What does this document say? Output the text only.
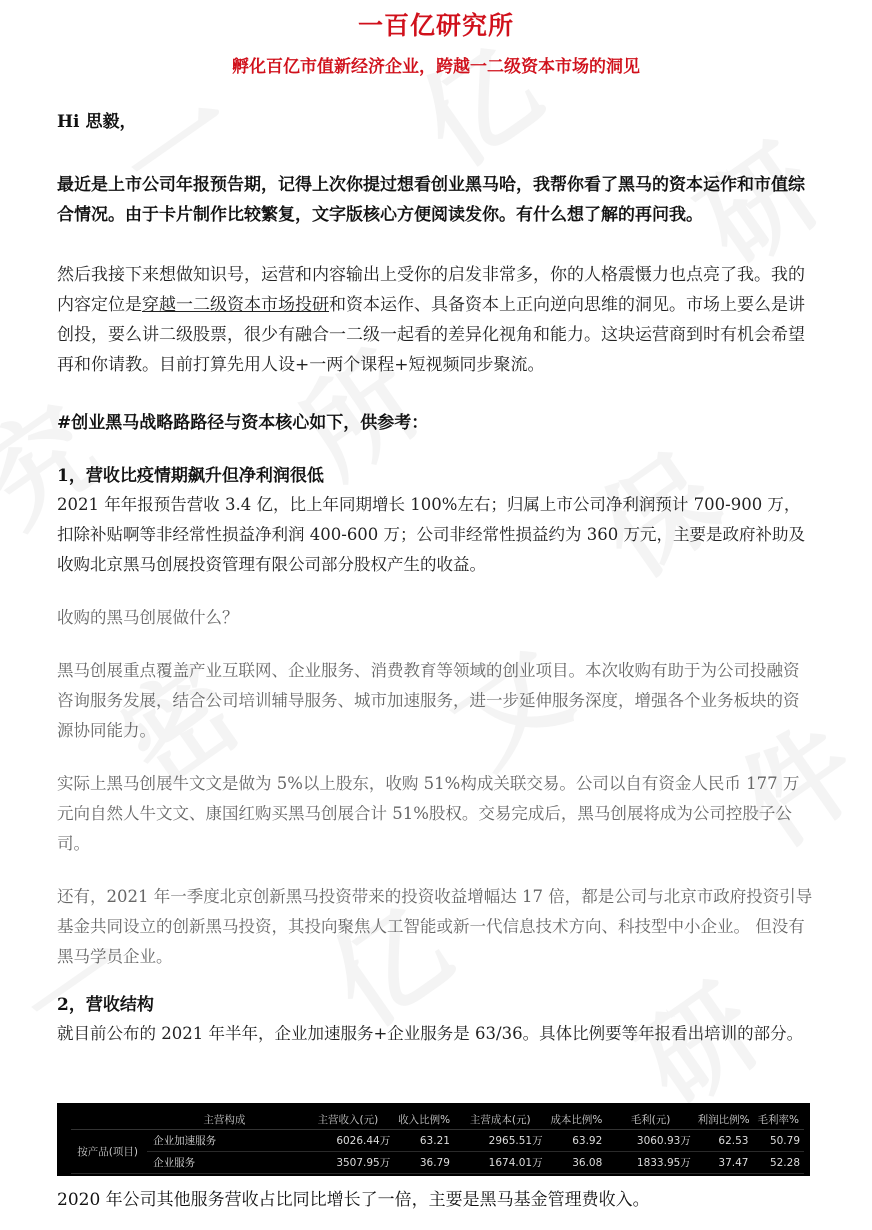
一百亿研究所
孵化百亿市值新经济企业，跨越一二级资本市场的洞见

Hi 思毅，

最近是上市公司年报预告期，记得上次你提过想看创业黑马哈，我帮你看了黑马的资本运作和市值综合情况。由于卡片制作比较繁复，文字版核心方便阅读发你。有什么想了解的再问我。

然后我接下来想做知识号，运营和内容输出上受你的启发非常多，你的人格震慑力也点亮了我。我的内容定位是穿越一二级资本市场投研和资本运作、具备资本上正向逆向思维的洞见。市场上要么是讲创投，要么讲二级股票，很少有融合一二级一起看的差异化视角和能力。这块运营商到时有机会希望再和你请教。目前打算先用人设+一两个课程+短视频同步聚流。

#创业黑马战略路路径与资本核心如下，供参考：

1，营收比疫情期飙升但净利润很低

2021 年年报预告营收 3.4 亿，比上年同期增长 100%左右；归属上市公司净利润预计 700-900 万，扣除补贴啊等非经常性损益净利润 400-600 万；公司非经常性损益约为 360 万元，主要是政府补助及收购北京黑马创展投资管理有限公司部分股权产生的收益。

收购的黑马创展做什么？

黑马创展重点覆盖产业互联网、企业服务、消费教育等领域的创业项目。本次收购有助于为公司投融资咨询服务发展，结合公司培训辅导服务、城市加速服务，进一步延伸服务深度，增强各个业务板块的资源协同能力。

实际上黑马创展牛文文是做为 5%以上股东，收购 51%构成关联交易。公司以自有资金人民币 177 万元向自然人牛文文、康国红购买黑马创展合计 51%股权。交易完成后，黑马创展将成为公司控股子公司。

还有，2021 年一季度北京创新黑马投资带来的投资收益增幅达 17 倍，都是公司与北京市政府投资引导基金共同设立的创新黑马投资，其投向聚焦人工智能或新一代信息技术方向、科技型中小企业。 但没有黑马学员企业。

2，营收结构

就目前公布的 2021 年半年，企业加速服务+企业服务是 63/36。具体比例要等年报看出培训的部分。

	主营构成	主营收入(元)	收入比例%	主营成本(元)	成本比例%	毛利(元)	利润比例%	毛利率%
按产品(项目)	企业加速服务	6026.44万	63.21	2965.51万	63.92	3060.93万	62.53	50.79
	企业服务	3507.95万	36.79	1674.01万	36.08	1833.95万	37.47	52.28

2020 年公司其他服务营收占比同比增长了一倍，主要是黑马基金管理费收入。
